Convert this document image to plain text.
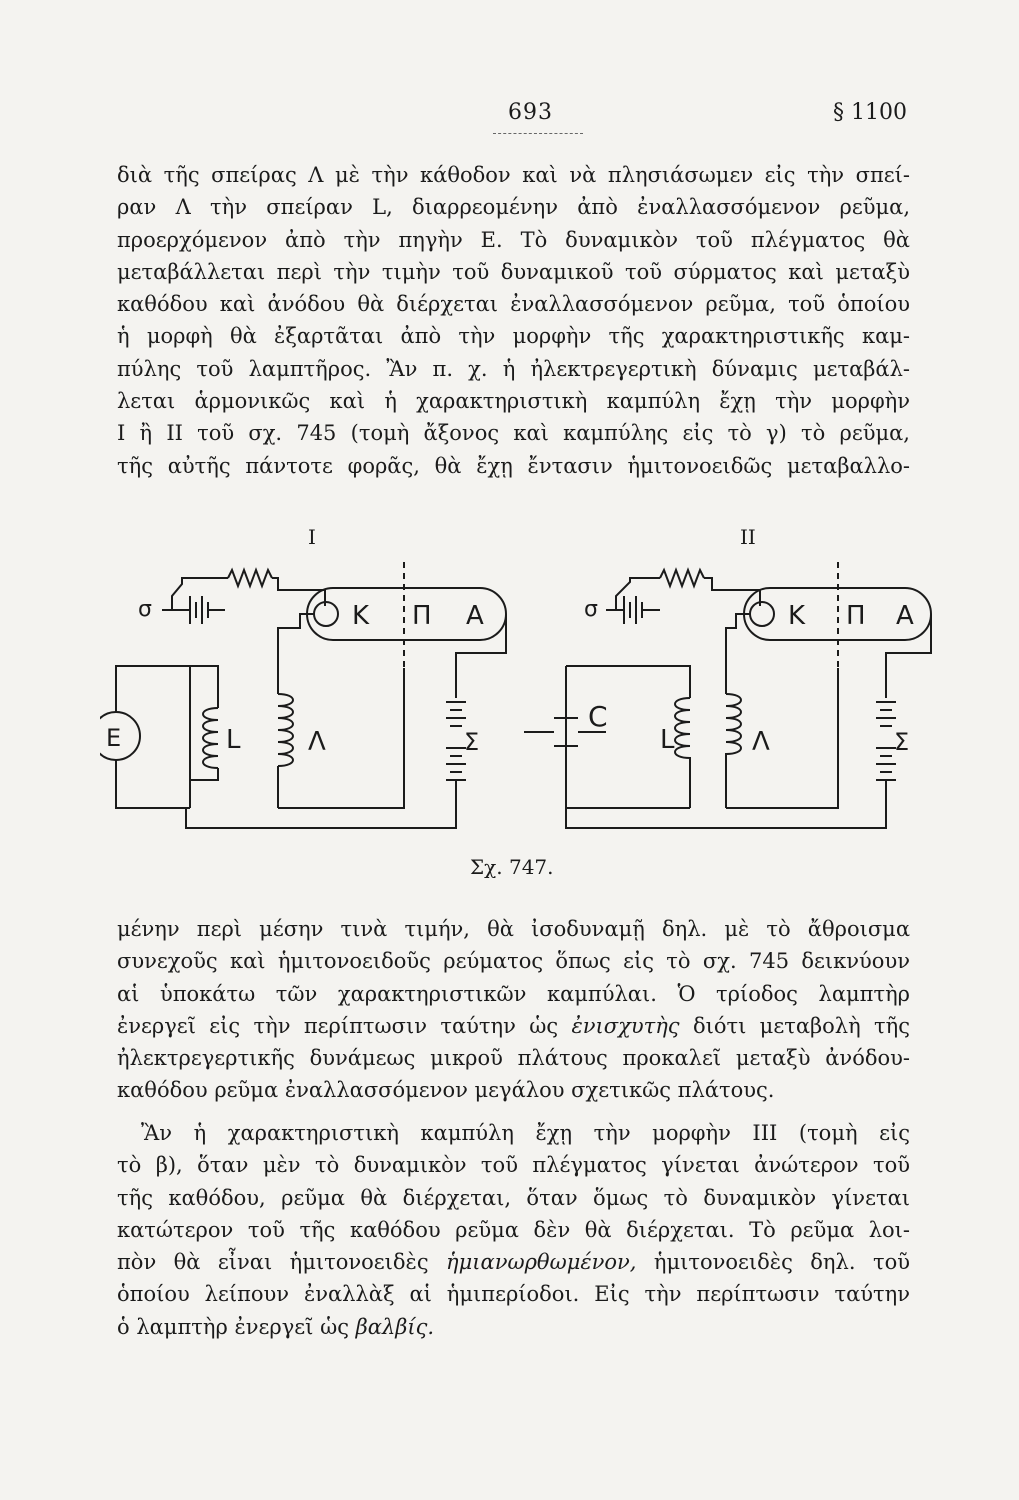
693	§ 1100
διὰ τῆς σπείρας Λ μὲ τὴν κάθοδον καὶ νὰ πλησιάσωμεν εἰς τὴν σπεί-
ραν Λ τὴν σπείραν L, διαρρεομένην ἀπὸ ἐναλλασσόμενον ρεῦμα,
προερχόμενον ἀπὸ τὴν πηγὴν Ε. Τὸ δυναμικὸν τοῦ πλέγματος θὰ
μεταβάλλεται περὶ τὴν τιμὴν τοῦ δυναμικοῦ τοῦ σύρματος καὶ μεταξὺ
καθόδου καὶ ἀνόδου θὰ διέρχεται ἐναλλασσόμενον ρεῦμα, τοῦ ὁποίου
ἡ μορφὴ θὰ ἐξαρτᾶται ἀπὸ τὴν μορφὴν τῆς χαρακτηριστικῆς καμ-
πύλης τοῦ λαμπτῆρος. Ἂν π. χ. ἡ ἠλεκτρεγερτικὴ δύναμις μεταβάλ-
λεται ἁρμονικῶς καὶ ἡ χαρακτηριστικὴ καμπύλη ἔχῃ τὴν μορφὴν
Ι ἢ ΙΙ τοῦ σχ. 745 (τομὴ ἄξονος καὶ καμπύλης εἰς τὸ γ) τὸ ρεῦμα,
τῆς αὐτῆς πάντοτε φορᾶς, θὰ ἔχῃ ἔντασιν ἡμιτονοειδῶς μεταβαλλο-
I
σ	K Π A
E	L	Λ	Σ
II
σ	K Π A
C
L	Λ	Σ
Σχ. 747.
μένην περὶ μέσην τινὰ τιμήν, θὰ ἰσοδυναμῇ δηλ. μὲ τὸ ἄθροισμα
συνεχοῦς καὶ ἡμιτονοειδοῦς ρεύματος ὅπως εἰς τὸ σχ. 745 δεικνύουν
αἱ ὑποκάτω τῶν χαρακτηριστικῶν καμπύλαι. Ὁ τρίοδος λαμπτὴρ
ἐνεργεῖ εἰς τὴν περίπτωσιν ταύτην ὡς ἐνισχυτὴς διότι μεταβολὴ τῆς
ἠλεκτρεγερτικῆς δυνάμεως μικροῦ πλάτους προκαλεῖ μεταξὺ ἀνόδου-
καθόδου ρεῦμα ἐναλλασσόμενον μεγάλου σχετικῶς πλάτους.
Ἂν ἡ χαρακτηριστικὴ καμπύλη ἔχῃ τὴν μορφὴν ΙΙΙ (τομὴ εἰς
τὸ β), ὅταν μὲν τὸ δυναμικὸν τοῦ πλέγματος γίνεται ἀνώτερον τοῦ
τῆς καθόδου, ρεῦμα θὰ διέρχεται, ὅταν ὅμως τὸ δυναμικὸν γίνεται
κατώτερον τοῦ τῆς καθόδου ρεῦμα δὲν θὰ διέρχεται. Τὸ ρεῦμα λοι-
πὸν θὰ εἶναι ἡμιτονοειδὲς ἡμιανωρθωμένον, ἡμιτονοειδὲς δηλ. τοῦ
ὁποίου λείπουν ἐναλλὰξ αἱ ἡμιπερίοδοι. Εἰς τὴν περίπτωσιν ταύτην
ὁ λαμπτὴρ ἐνεργεῖ ὡς βαλβίς.
